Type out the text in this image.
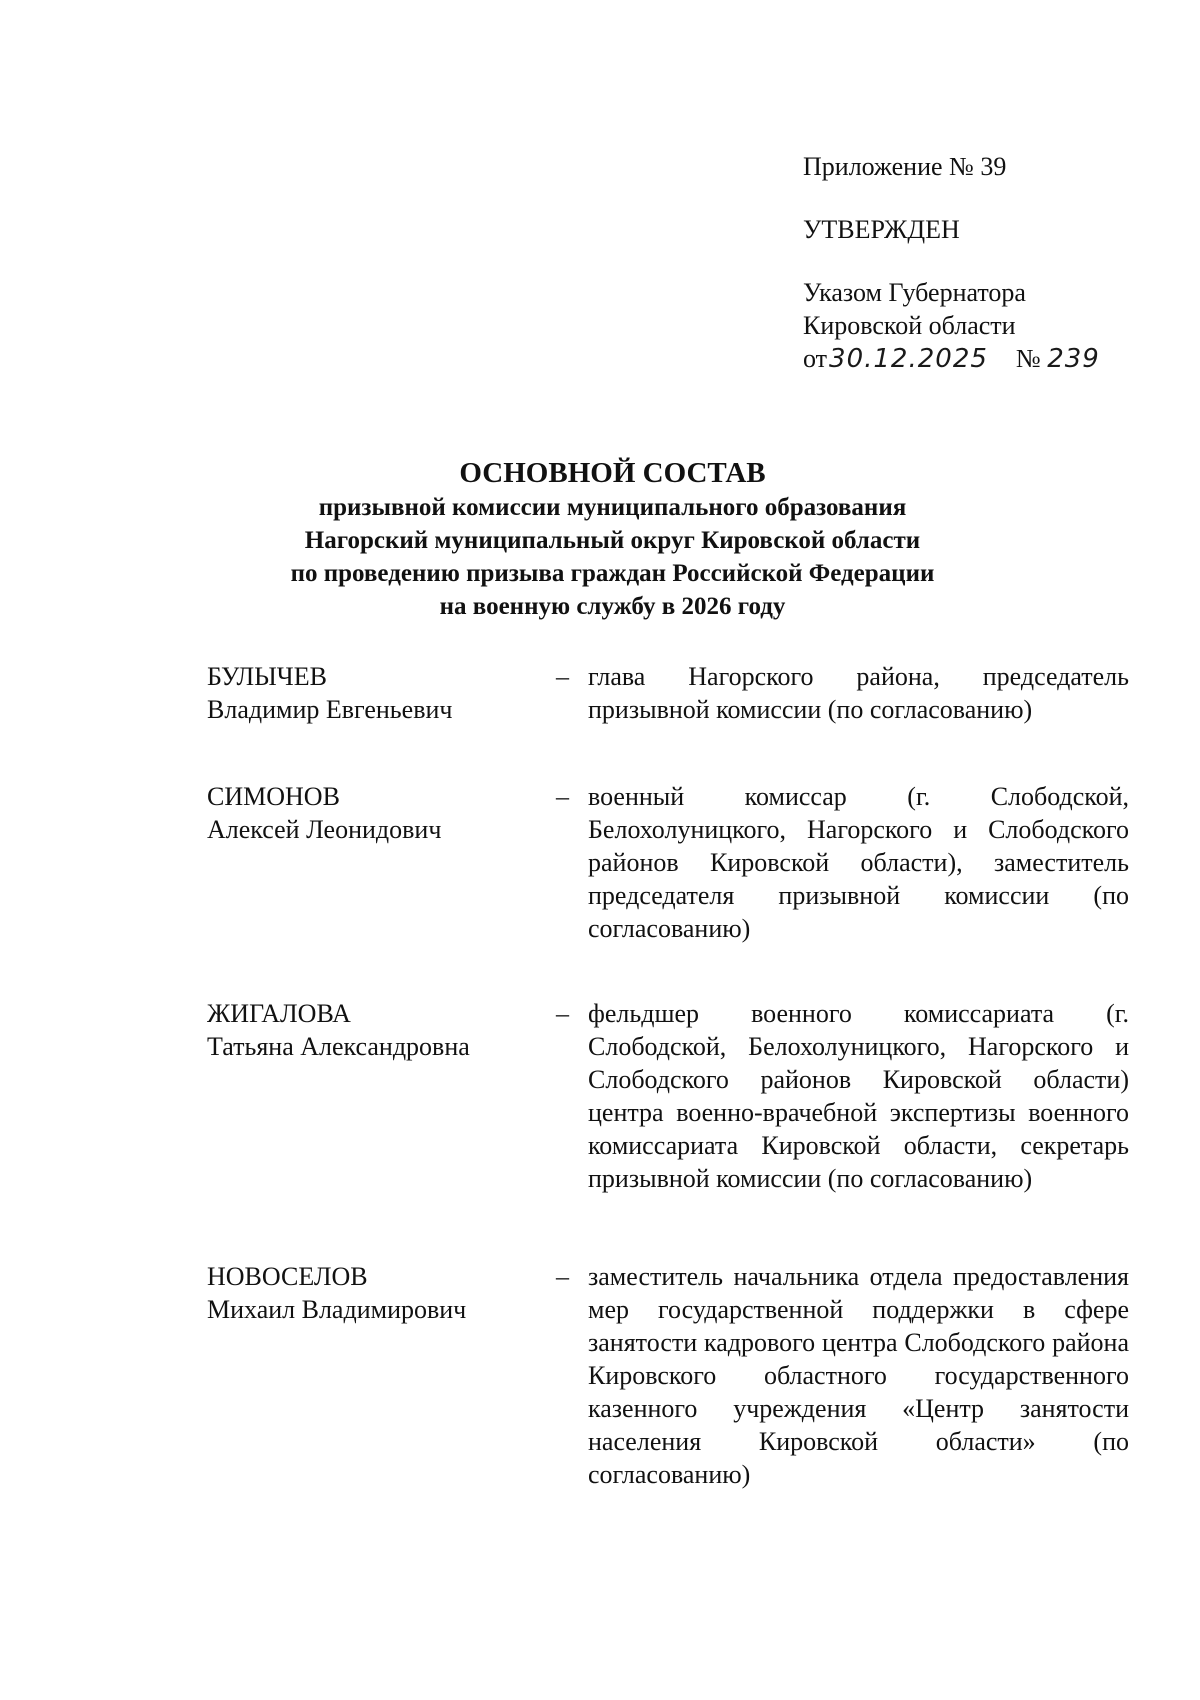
Приложение № 39
УТВЕРЖДЕН
Указом Губернатора
Кировской области
от30.12.2025 № 239
ОСНОВНОЙ СОСТАВ
призывной комиссии муниципального образования
Нагорский муниципальный округ Кировской области
по проведению призыва граждан Российской Федерации
на военную службу в 2026 году
БУЛЫЧЕВ
Владимир Евгеньевич
– глава Нагорского района, председатель призывной комиссии (по согласованию)
СИМОНОВ
Алексей Леонидович
– военный комиссар (г. Слободской, Белохолуницкого, Нагорского и Слободского районов Кировской области), заместитель председателя призывной комиссии (по согласованию)
ЖИГАЛОВА
Татьяна Александровна
– фельдшер военного комиссариата (г. Слободской, Белохолуницкого, Нагорского и Слободского районов Кировской области) центра военно-врачебной экспертизы военного комиссариата Кировской области, секретарь призывной комиссии (по согласованию)
НОВОСЕЛОВ
Михаил Владимирович
– заместитель начальника отдела предоставления мер государственной поддержки в сфере занятости кадрового центра Слободского района Кировского областного государственного казенного учреждения «Центр занятости населения Кировской области» (по согласованию)
